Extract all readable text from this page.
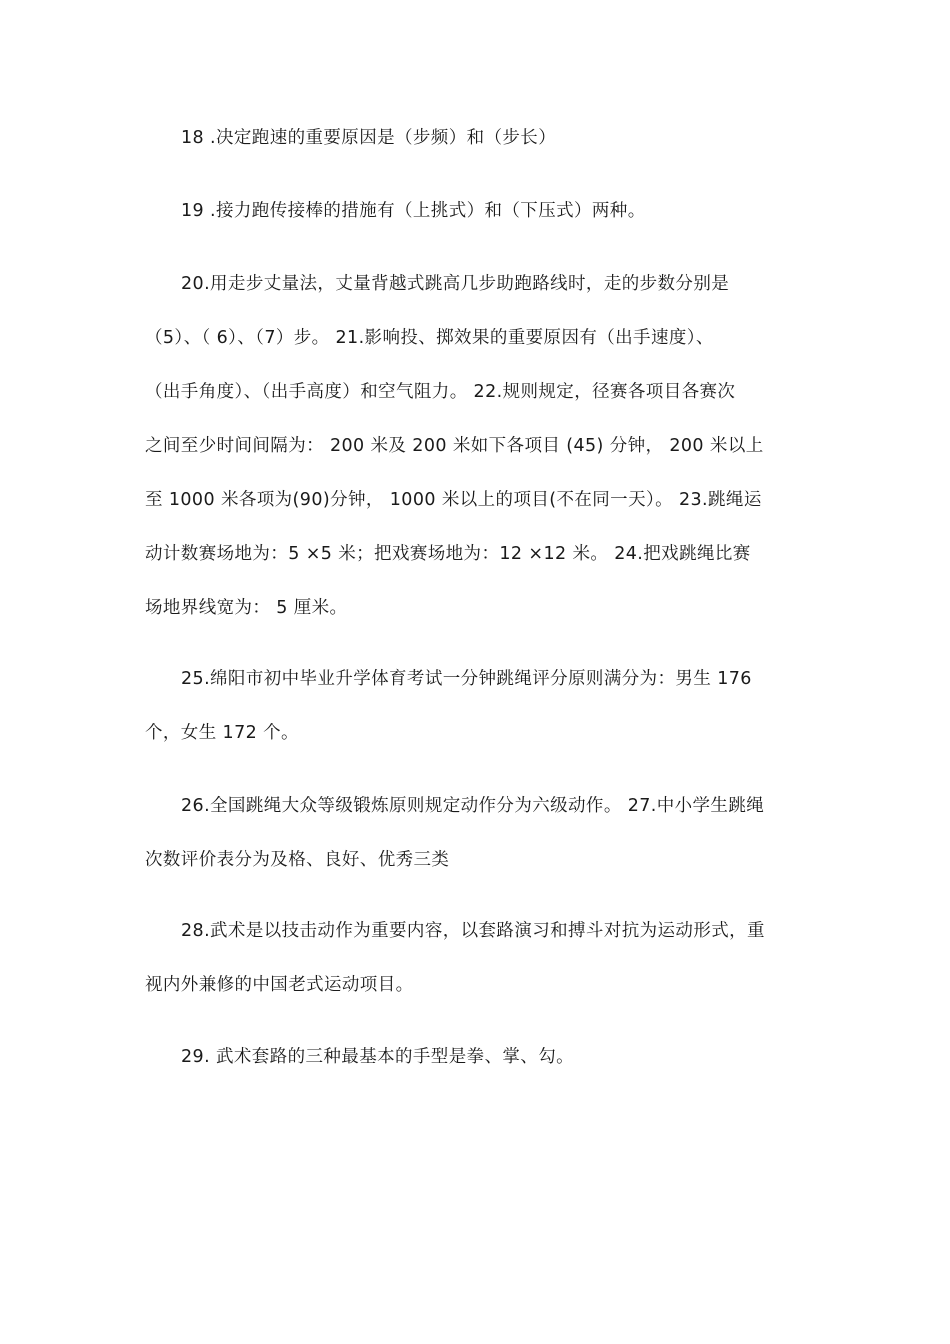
18 .决定跑速的重要原因是（步频）和（步长）
19 .接力跑传接棒的措施有（上挑式）和（下压式）两种。
20.用走步丈量法，丈量背越式跳高几步助跑路线时，走的步数分别是
（5）、（ 6）、（7）步。 21.影响投、掷效果的重要原因有（出手速度）、
（出手角度）、（出手高度）和空气阻力。 22.规则规定，径赛各项目各赛次
之间至少时间间隔为： 200 米及 200 米如下各项目 (45) 分钟， 200 米以上
至 1000 米各项为(90)分钟， 1000 米以上的项目(不在同一天）。 23.跳绳运
动计数赛场地为：5 ×5 米；把戏赛场地为：12 ×12 米。 24.把戏跳绳比赛
场地界线宽为： 5 厘米。
25.绵阳市初中毕业升学体育考试一分钟跳绳评分原则满分为：男生 176
个，女生 172 个。
26.全国跳绳大众等级锻炼原则规定动作分为六级动作。 27.中小学生跳绳
次数评价表分为及格、良好、优秀三类
28.武术是以技击动作为重要内容，以套路演习和搏斗对抗为运动形式，重
视内外兼修的中国老式运动项目。
29. 武术套路的三种最基本的手型是拳、掌、勾。
